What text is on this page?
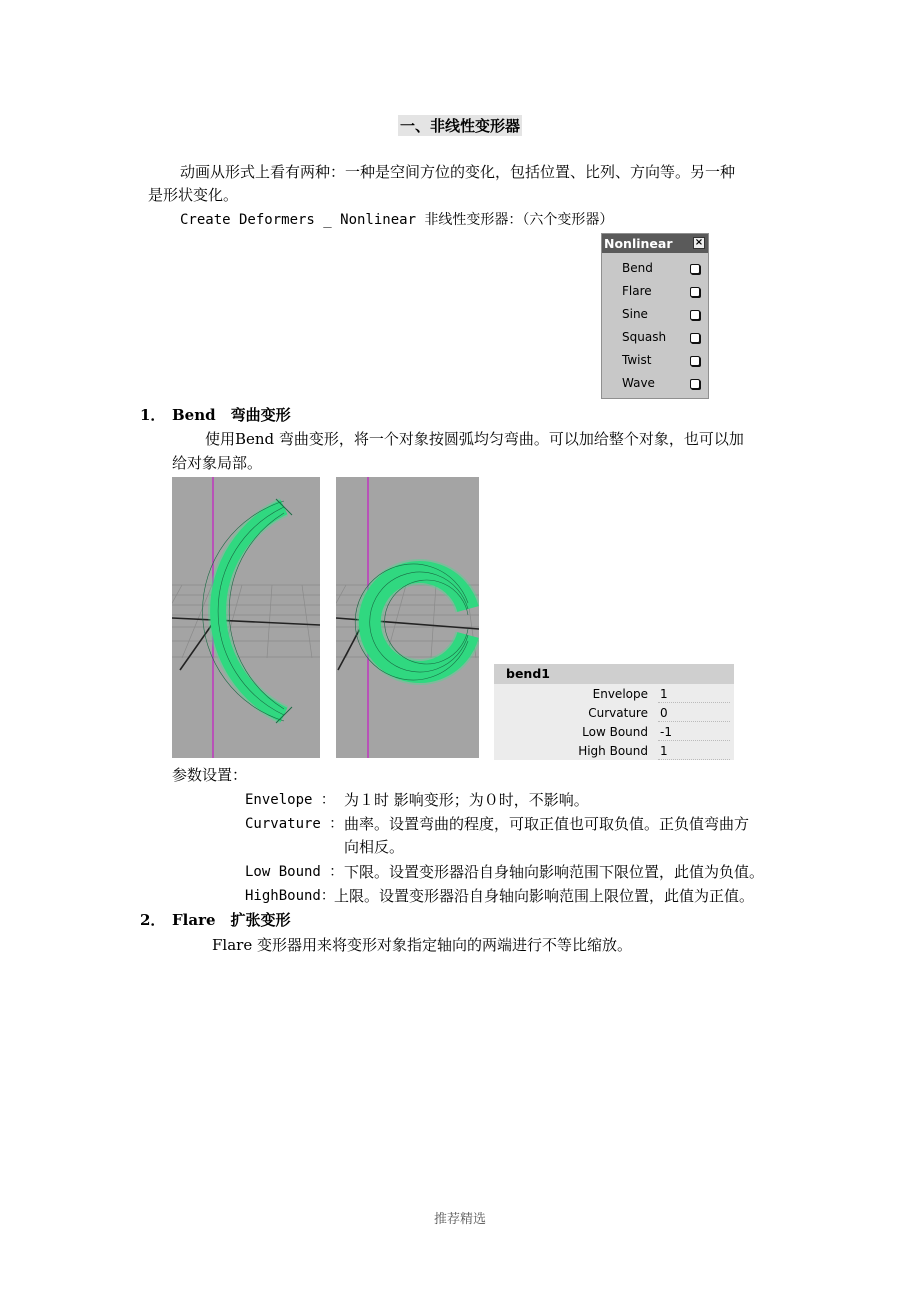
一、非线性变形器
动画从形式上看有两种：一种是空间方位的变化，包括位置、比列、方向等。另一种
是形状变化。
Create Deformers _ Nonlinear 非线性变形器：（六个变形器）
Nonlinear ×
Bend
Flare
Sine
Squash
Twist
Wave
1． Bend　弯曲变形
使用Bend 弯曲变形，将一个对象按圆弧均匀弯曲。可以加给整个对象，也可以加
给对象局部。
bend1
Envelope 1
Curvature 0
Low Bound -1
High Bound 1
参数设置：
Envelope ： 为１时 影响变形；为０时，不影响。
Curvature ： 曲率。设置弯曲的程度，可取正值也可取负值。正负值弯曲方
向相反。
Low Bound ： 下限。设置变形器沿自身轴向影响范围下限位置，此值为负值。
HighBound： 上限。设置变形器沿自身轴向影响范围上限位置，此值为正值。
2． Flare　扩张变形
Flare 变形器用来将变形对象指定轴向的两端进行不等比缩放。
推荐精选
